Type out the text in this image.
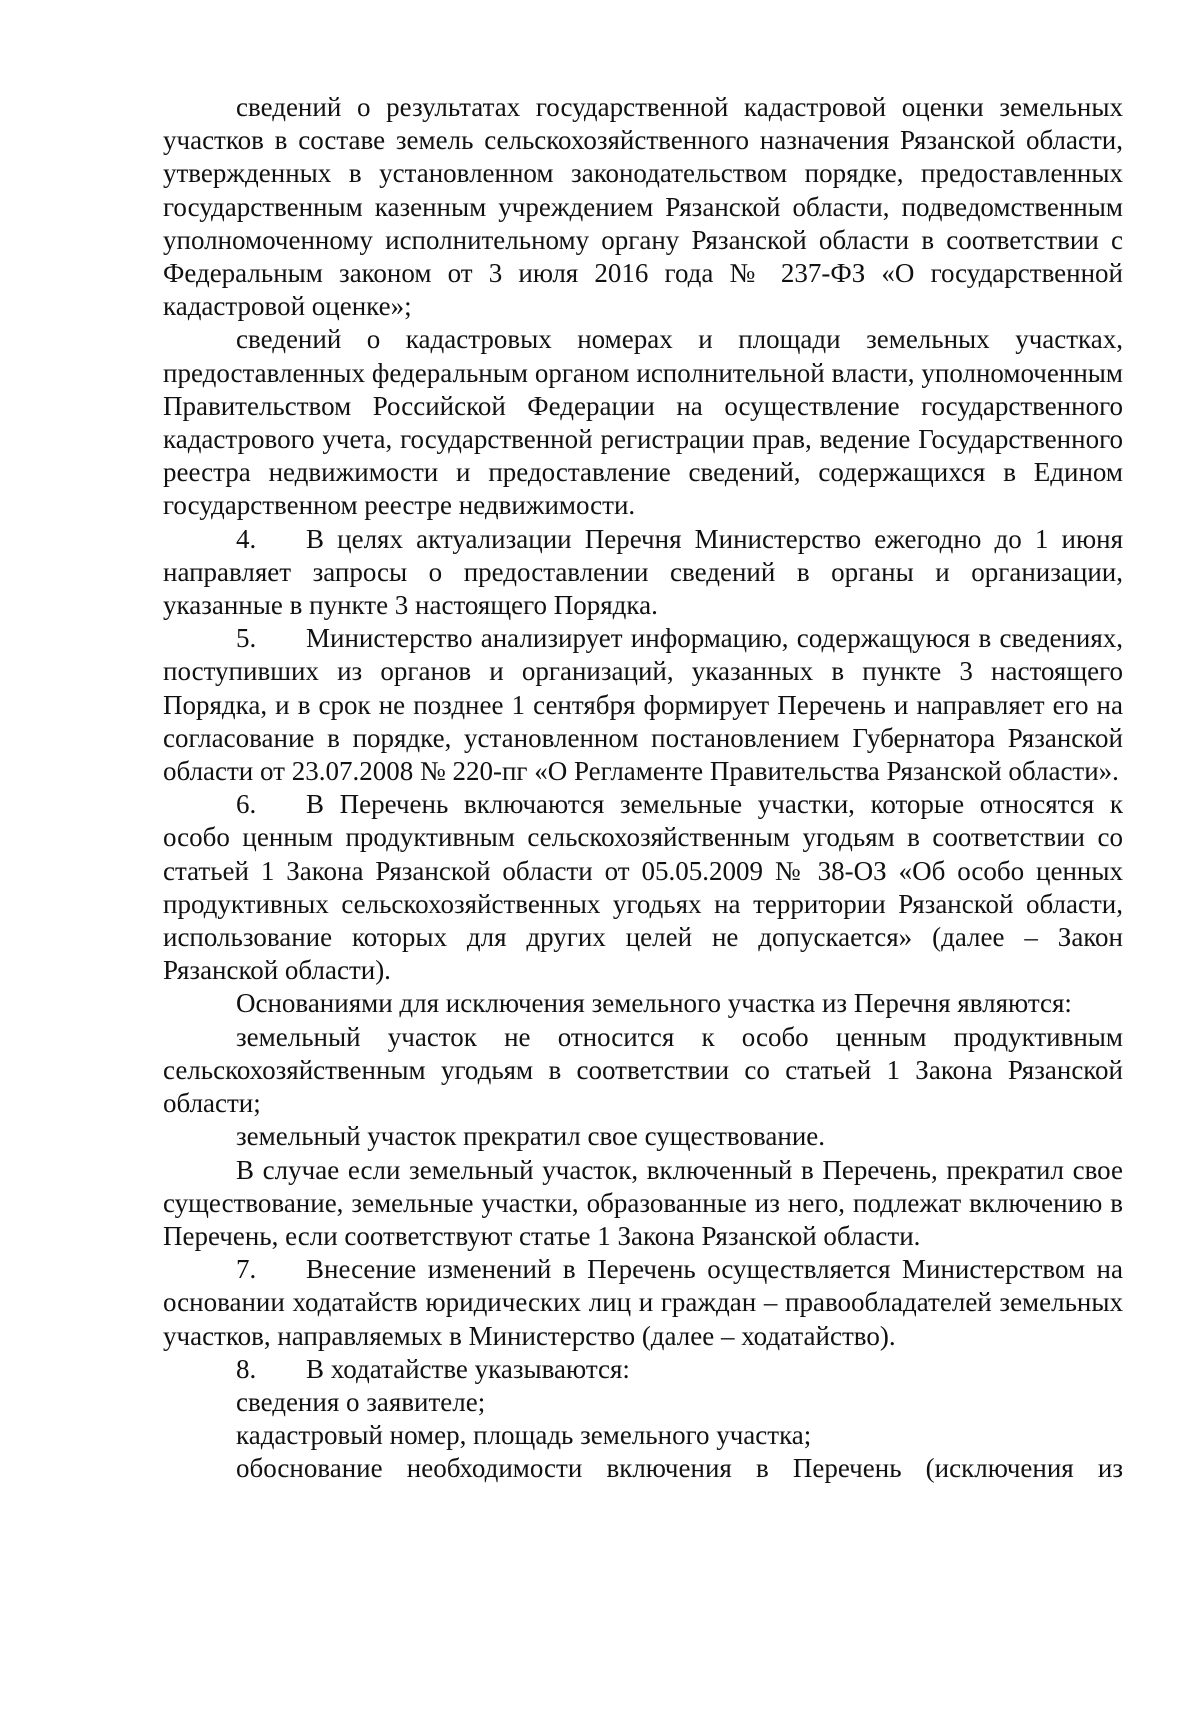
сведений о результатах государственной кадастровой оценки земельных участков в составе земель сельскохозяйственного назначения Рязанской области, утвержденных в установленном законодательством порядке, предоставленных государственным казенным учреждением Рязанской области, подведомственным уполномоченному исполнительному органу Рязанской области в соответствии с Федеральным законом от 3 июля 2016 года № 237-ФЗ «О государственной кадастровой оценке»;

сведений о кадастровых номерах и площади земельных участках, предоставленных федеральным органом исполнительной власти, уполномоченным Правительством Российской Федерации на осуществление государственного кадастрового учета, государственной регистрации прав, ведение Государственного реестра недвижимости и предоставление сведений, содержащихся в Едином государственном реестре недвижимости.

4. В целях актуализации Перечня Министерство ежегодно до 1 июня направляет запросы о предоставлении сведений в органы и организации, указанные в пункте 3 настоящего Порядка.

5. Министерство анализирует информацию, содержащуюся в сведениях, поступивших из органов и организаций, указанных в пункте 3 настоящего Порядка, и в срок не позднее 1 сентября формирует Перечень и направляет его на согласование в порядке, установленном постановлением Губернатора Рязанской области от 23.07.2008 № 220-пг «О Регламенте Правительства Рязанской области».

6. В Перечень включаются земельные участки, которые относятся к особо ценным продуктивным сельскохозяйственным угодьям в соответствии со статьей 1 Закона Рязанской области от 05.05.2009 № 38-ОЗ «Об особо ценных продуктивных сельскохозяйственных угодьях на территории Рязанской области, использование которых для других целей не допускается» (далее – Закон Рязанской области).

Основаниями для исключения земельного участка из Перечня являются:

земельный участок не относится к особо ценным продуктивным сельскохозяйственным угодьям в соответствии со статьей 1 Закона Рязанской области;

земельный участок прекратил свое существование.

В случае если земельный участок, включенный в Перечень, прекратил свое существование, земельные участки, образованные из него, подлежат включению в Перечень, если соответствуют статье 1 Закона Рязанской области.

7. Внесение изменений в Перечень осуществляется Министерством на основании ходатайств юридических лиц и граждан – правообладателей земельных участков, направляемых в Министерство (далее – ходатайство).

8. В ходатайстве указываются:

сведения о заявителе;

кадастровый номер, площадь земельного участка;

обоснование необходимости включения в Перечень (исключения из
